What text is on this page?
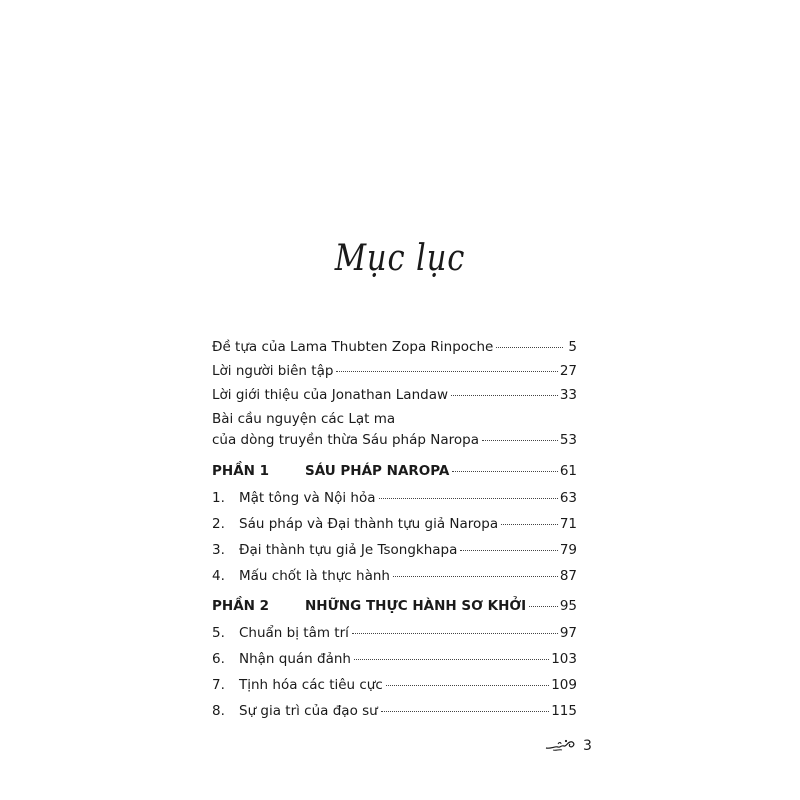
Mục lục
Đề tựa của Lama Thubten Zopa Rinpoche	5
Lời người biên tập	27
Lời giới thiệu của Jonathan Landaw	33
Bài cầu nguyện các Lạt ma
của dòng truyền thừa Sáu pháp Naropa	53
PHẦN 1	SÁU PHÁP NAROPA	61
1.	Mật tông và Nội hỏa	63
2.	Sáu pháp và Đại thành tựu giả Naropa	71
3.	Đại thành tựu giả Je Tsongkhapa	79
4.	Mấu chốt là thực hành	87
PHẦN 2	NHỮNG THỰC HÀNH SƠ KHỞI 95
5.	Chuẩn bị tâm trí	97
6.	Nhận quán đảnh	103
7.	Tịnh hóa các tiêu cực	109
8.	Sự gia trì của đạo sư	115
3
